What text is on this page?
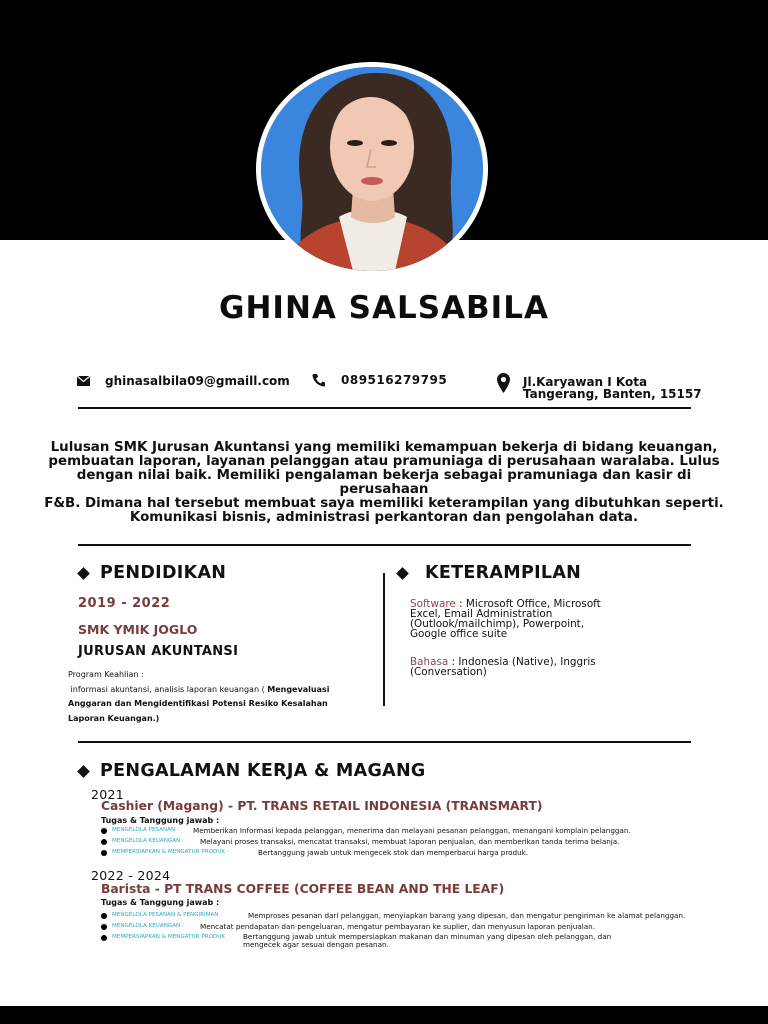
GHINA SALSABILA
ghinasalbila09@gmaill.com	089516279795	Jl.Karyawan I Kota
Tangerang, Banten, 15157
Lulusan SMK Jurusan Akuntansi yang memiliki kemampuan bekerja di bidang keuangan,
pembuatan laporan, layanan pelanggan atau pramuniaga di perusahaan waralaba. Lulus
dengan nilai baik. Memiliki pengalaman bekerja sebagai pramuniaga dan kasir di perusahaan
F&B. Dimana hal tersebut membuat saya memiliki keterampilan yang dibutuhkan seperti.
Komunikasi bisnis, administrasi perkantoran dan pengolahan data.
PENDIDIKAN
2019 - 2022
SMK YMIK JOGLO
JURUSAN AKUNTANSI
Program Keahlian :
informasi akuntansi, analisis laporan keuangan ( Mengevaluasi
Anggaran dan Mengidentifikasi Potensi Resiko Kesalahan
Laporan Keuangan.)
KETERAMPILAN
Software : Microsoft Office, Microsoft
Excel, Email Administration
(Outlook/mailchimp), Powerpoint,
Google office suite
Bahasa : Indonesia (Native), Inggris
(Conversation)
PENGALAMAN KERJA & MAGANG
2021
Cashier (Magang) - PT. TRANS RETAIL INDONESIA (TRANSMART)
Tugas & Tanggung jawab :
MENGELOLA PESANAN : Memberikan Informasi kepada pelanggan, menerima dan melayani pesanan pelanggan, menangani komplain pelanggan.
MENGELOLA KEUANGAN : Melayani proses transaksi, mencatat transaksi, membuat laporan penjualan, dan memberikan tanda terima belanja.
MEMPERSIAPKAN & MENGATUR PRODUK :	Bertanggung jawab untuk mengecek stok dan memperbarui harga produk.
2022 - 2024
Barista - PT TRANS COFFEE (COFFEE BEAN AND THE LEAF)
Tugas & Tanggung jawab :
MENGELOLA PESANAN & PENGIRIMAN :	Memproses pesanan dari pelanggan, menyiapkan barang yang dipesan, dan mengatur pengiriman ke alamat pelanggan.
MENGELOLA KEUANGAN : Mencatat pendapatan dan pengeluaran, mengatur pembayaran ke suplier, dan menyusun laporan penjualan.
MEMPERSIAPKAN & MENGATUR PRODUK Bertanggung jawab untuk mempersiapkan makanan dan minuman yang dipesan oleh pelanggan, dan
mengecek agar sesuai dengan pesanan.
